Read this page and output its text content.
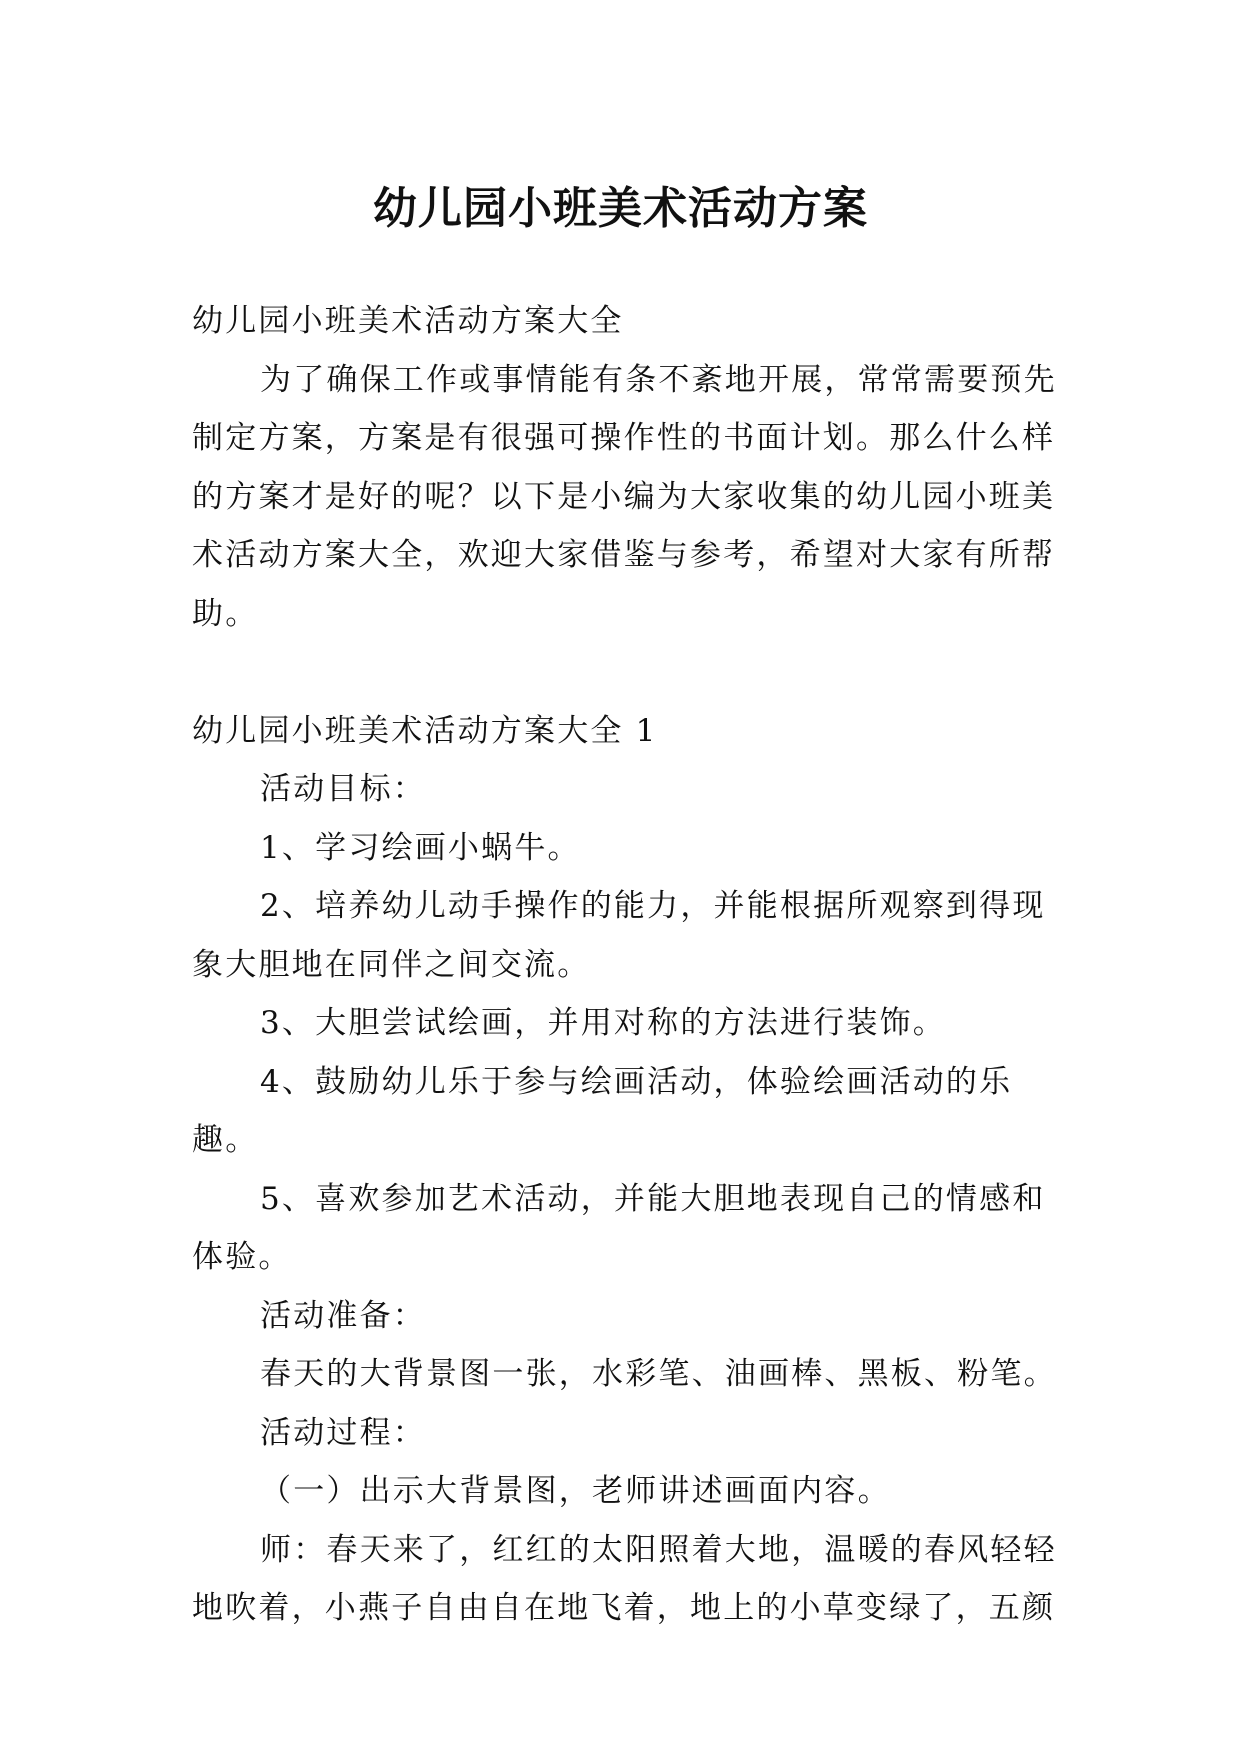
幼儿园小班美术活动方案

幼儿园小班美术活动方案大全

为了确保工作或事情能有条不紊地开展，常常需要预先制定方案，方案是有很强可操作性的书面计划。那么什么样的方案才是好的呢？以下是小编为大家收集的幼儿园小班美术活动方案大全，欢迎大家借鉴与参考，希望对大家有所帮助。

幼儿园小班美术活动方案大全 1

活动目标：

1、学习绘画小蜗牛。

2、培养幼儿动手操作的能力，并能根据所观察到得现象大胆地在同伴之间交流。

3、大胆尝试绘画，并用对称的方法进行装饰。

4、鼓励幼儿乐于参与绘画活动，体验绘画活动的乐趣。

5、喜欢参加艺术活动，并能大胆地表现自己的情感和体验。

活动准备：

春天的大背景图一张，水彩笔、油画棒、黑板、粉笔。

活动过程：

（一）出示大背景图，老师讲述画面内容。

师：春天来了，红红的太阳照着大地，温暖的春风轻轻地吹着，小燕子自由自在地飞着，地上的小草变绿了，五颜
